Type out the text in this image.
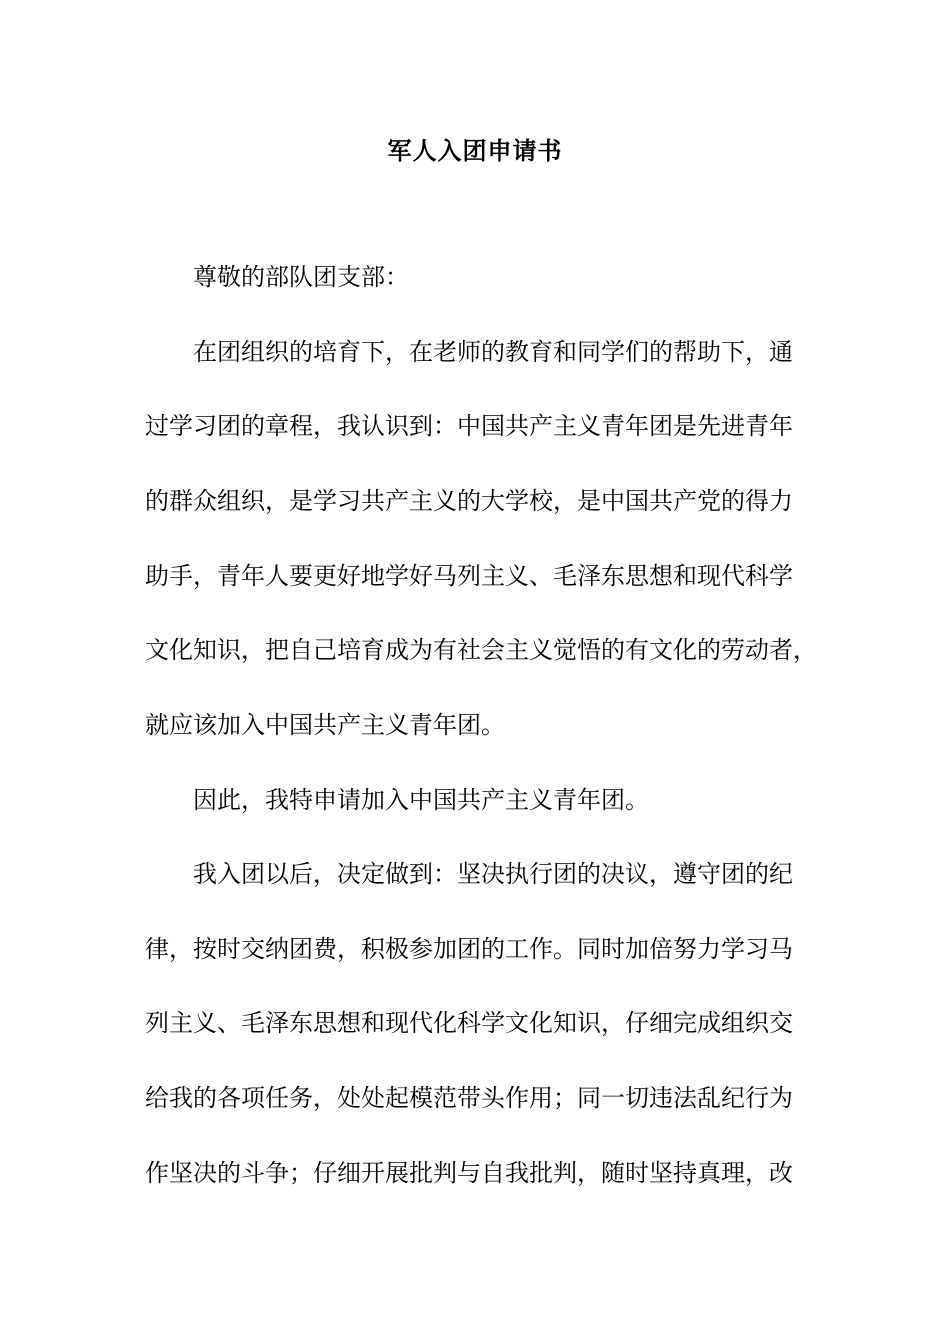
军人入团申请书
尊敬的部队团支部：
在团组织的培育下，在老师的教育和同学们的帮助下，通
过学习团的章程，我认识到：中国共产主义青年团是先进青年
的群众组织，是学习共产主义的大学校，是中国共产党的得力
助手，青年人要更好地学好马列主义、毛泽东思想和现代科学
文化知识，把自己培育成为有社会主义觉悟的有文化的劳动者，
就应该加入中国共产主义青年团。
因此，我特申请加入中国共产主义青年团。
我入团以后，决定做到：坚决执行团的决议，遵守团的纪
律，按时交纳团费，积极参加团的工作。同时加倍努力学习马
列主义、毛泽东思想和现代化科学文化知识，仔细完成组织交
给我的各项任务，处处起模范带头作用；同一切违法乱纪行为
作坚决的斗争；仔细开展批判与自我批判，随时坚持真理，改
